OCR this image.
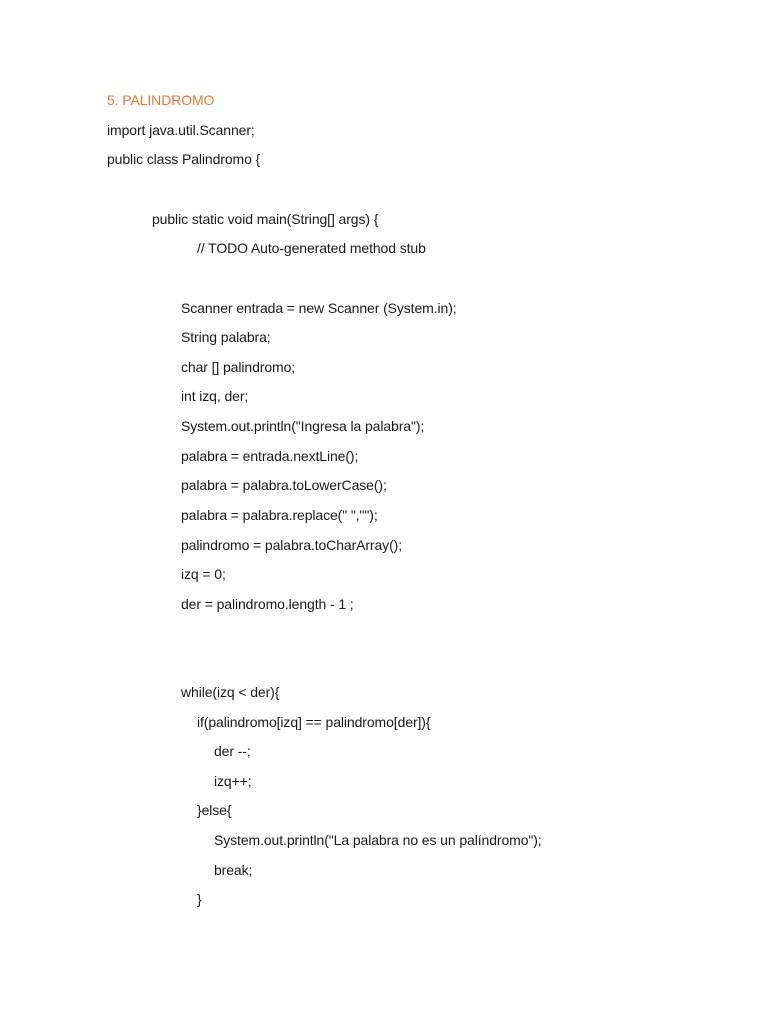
5. PALINDROMO
import java.util.Scanner;
public class Palindromo {
public static void main(String[] args) {
// TODO Auto-generated method stub
Scanner entrada = new Scanner (System.in);
String palabra;
char [] palindromo;
int izq, der;
System.out.println("Ingresa la palabra");
palabra = entrada.nextLine();
palabra = palabra.toLowerCase();
palabra = palabra.replace(" ","");
palindromo = palabra.toCharArray();
izq = 0;
der = palindromo.length - 1 ;
while(izq < der){
if(palindromo[izq] == palindromo[der]){
der --;
izq++;
}else{
System.out.println("La palabra no es un palíndromo");
break;
}
